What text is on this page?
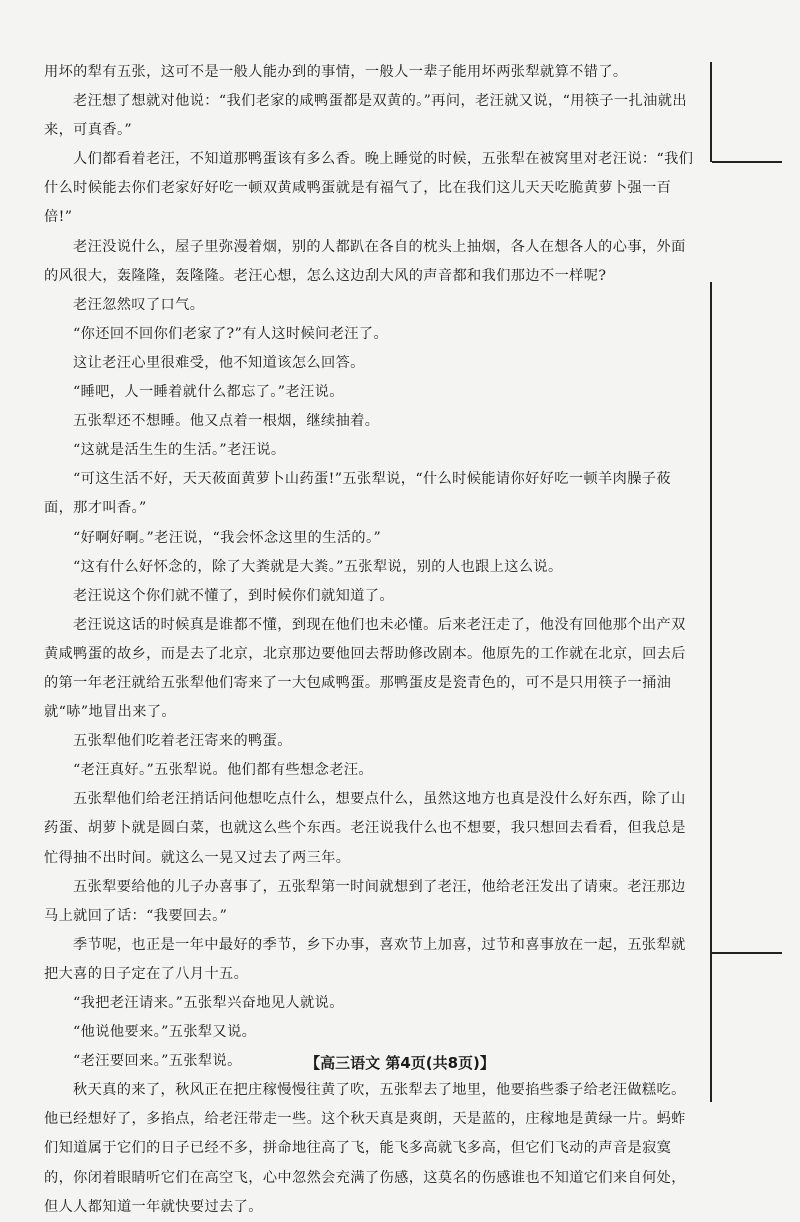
用坏的犁有五张，这可不是一般人能办到的事情，一般人一辈子能用坏两张犁就算不错了。

老汪想了想就对他说：“我们老家的咸鸭蛋都是双黄的。”再问，老汪就又说，“用筷子一扎油就出来，可真香。”

人们都看着老汪，不知道那鸭蛋该有多么香。晚上睡觉的时候，五张犁在被窝里对老汪说：“我们什么时候能去你们老家好好吃一顿双黄咸鸭蛋就是有福气了，比在我们这儿天天吃脆黄萝卜强一百倍!”

老汪没说什么，屋子里弥漫着烟，别的人都趴在各自的枕头上抽烟，各人在想各人的心事，外面的风很大，轰隆隆，轰隆隆。老汪心想，怎么这边刮大风的声音都和我们那边不一样呢?

老汪忽然叹了口气。

“你还回不回你们老家了?”有人这时候问老汪了。

这让老汪心里很难受，他不知道该怎么回答。

“睡吧，人一睡着就什么都忘了。”老汪说。

五张犁还不想睡。他又点着一根烟，继续抽着。

“这就是活生生的生活。”老汪说。

“可这生活不好，天天莜面黄萝卜山药蛋!”五张犁说，“什么时候能请你好好吃一顿羊肉臊子莜面，那才叫香。”

“好啊好啊。”老汪说，“我会怀念这里的生活的。”

“这有什么好怀念的，除了大粪就是大粪。”五张犁说，别的人也跟上这么说。

老汪说这个你们就不懂了，到时候你们就知道了。

老汪说这话的时候真是谁都不懂，到现在他们也未必懂。后来老汪走了，他没有回他那个出产双黄咸鸭蛋的故乡，而是去了北京，北京那边要他回去帮助修改剧本。他原先的工作就在北京，回去后的第一年老汪就给五张犁他们寄来了一大包咸鸭蛋。那鸭蛋皮是瓷青色的，可不是只用筷子一捅油就“哧”地冒出来了。

五张犁他们吃着老汪寄来的鸭蛋。

“老汪真好。”五张犁说。他们都有些想念老汪。

五张犁他们给老汪捎话问他想吃点什么，想要点什么，虽然这地方也真是没什么好东西，除了山药蛋、胡萝卜就是圆白菜，也就这么些个东西。老汪说我什么也不想要，我只想回去看看，但我总是忙得抽不出时间。就这么一晃又过去了两三年。

五张犁要给他的儿子办喜事了，五张犁第一时间就想到了老汪，他给老汪发出了请柬。老汪那边马上就回了话：“我要回去。”

季节呢，也正是一年中最好的季节，乡下办事，喜欢节上加喜，过节和喜事放在一起，五张犁就把大喜的日子定在了八月十五。

“我把老汪请来。”五张犁兴奋地见人就说。

“他说他要来。”五张犁又说。

“老汪要回来。”五张犁说。

秋天真的来了，秋风正在把庄稼慢慢往黄了吹，五张犁去了地里，他要掐些黍子给老汪做糕吃。他已经想好了，多掐点，给老汪带走一些。这个秋天真是爽朗，天是蓝的，庄稼地是黄绿一片。蚂蚱们知道属于它们的日子已经不多，拼命地往高了飞，能飞多高就飞多高，但它们飞动的声音是寂寞的，你闭着眼睛听它们在高空飞，心中忽然会充满了伤感，这莫名的伤感谁也不知道它们来自何处，但人人都知道一年就快要过去了。

【高三语文 第4页(共8页)】
